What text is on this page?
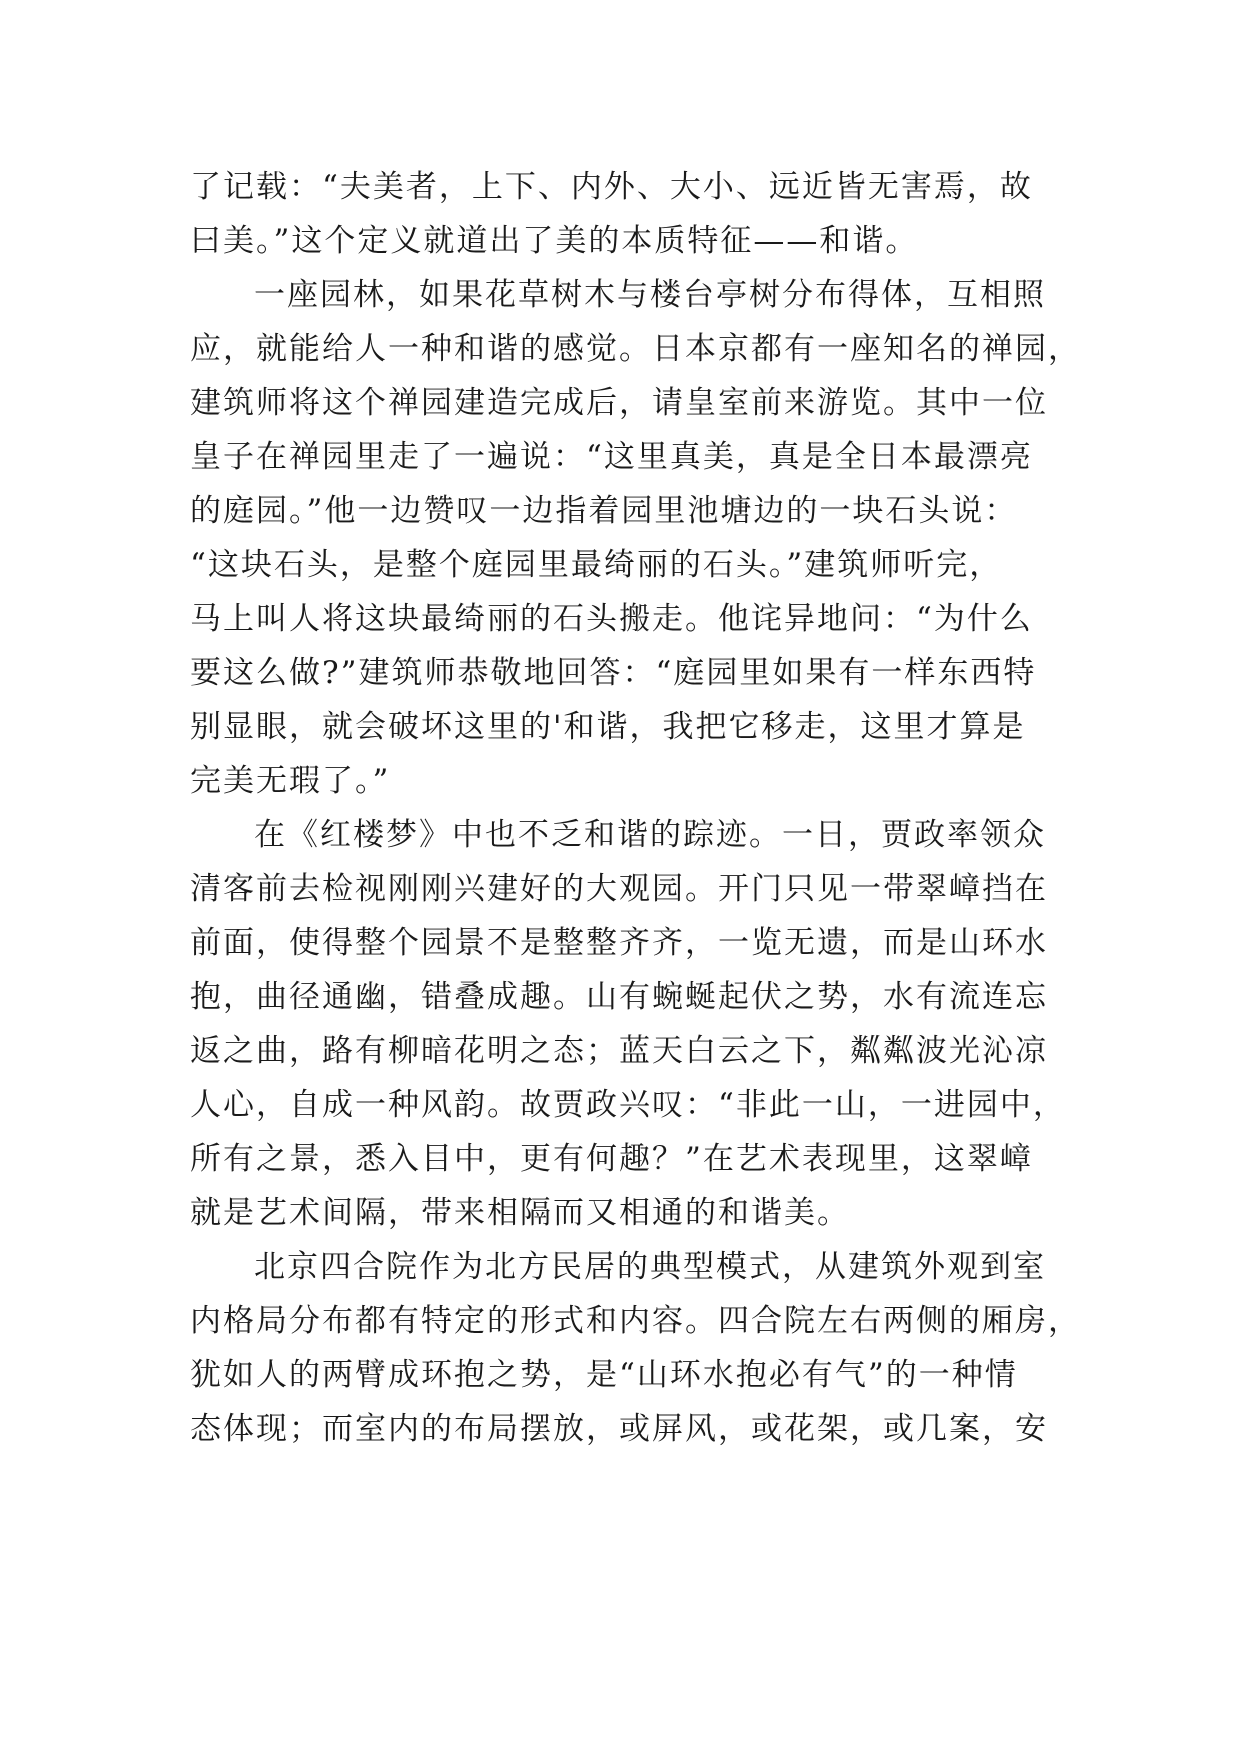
了记载：“夫美者，上下、内外、大小、远近皆无害焉，故
曰美。”这个定义就道出了美的本质特征——和谐。

一座园林，如果花草树木与楼台亭树分布得体，互相照
应，就能给人一种和谐的感觉。日本京都有一座知名的禅园，
建筑师将这个禅园建造完成后，请皇室前来游览。其中一位
皇子在禅园里走了一遍说：“这里真美，真是全日本最漂亮
的庭园。”他一边赞叹一边指着园里池塘边的一块石头说：
“这块石头，是整个庭园里最绮丽的石头。”建筑师听完，
马上叫人将这块最绮丽的石头搬走。他诧异地问：“为什么
要这么做?”建筑师恭敬地回答：“庭园里如果有一样东西特
别显眼，就会破坏这里的'和谐，我把它移走，这里才算是
完美无瑕了。”

在《红楼梦》中也不乏和谐的踪迹。一日，贾政率领众
清客前去检视刚刚兴建好的大观园。开门只见一带翠嶂挡在
前面，使得整个园景不是整整齐齐，一览无遗，而是山环水
抱，曲径通幽，错叠成趣。山有蜿蜒起伏之势，水有流连忘
返之曲，路有柳暗花明之态；蓝天白云之下，粼粼波光沁凉
人心，自成一种风韵。故贾政兴叹：“非此一山，一进园中，
所有之景，悉入目中，更有何趣？”在艺术表现里，这翠嶂
就是艺术间隔，带来相隔而又相通的和谐美。

北京四合院作为北方民居的典型模式，从建筑外观到室
内格局分布都有特定的形式和内容。四合院左右两侧的厢房，
犹如人的两臂成环抱之势，是“山环水抱必有气”的一种情
态体现；而室内的布局摆放，或屏风，或花架，或几案，安
